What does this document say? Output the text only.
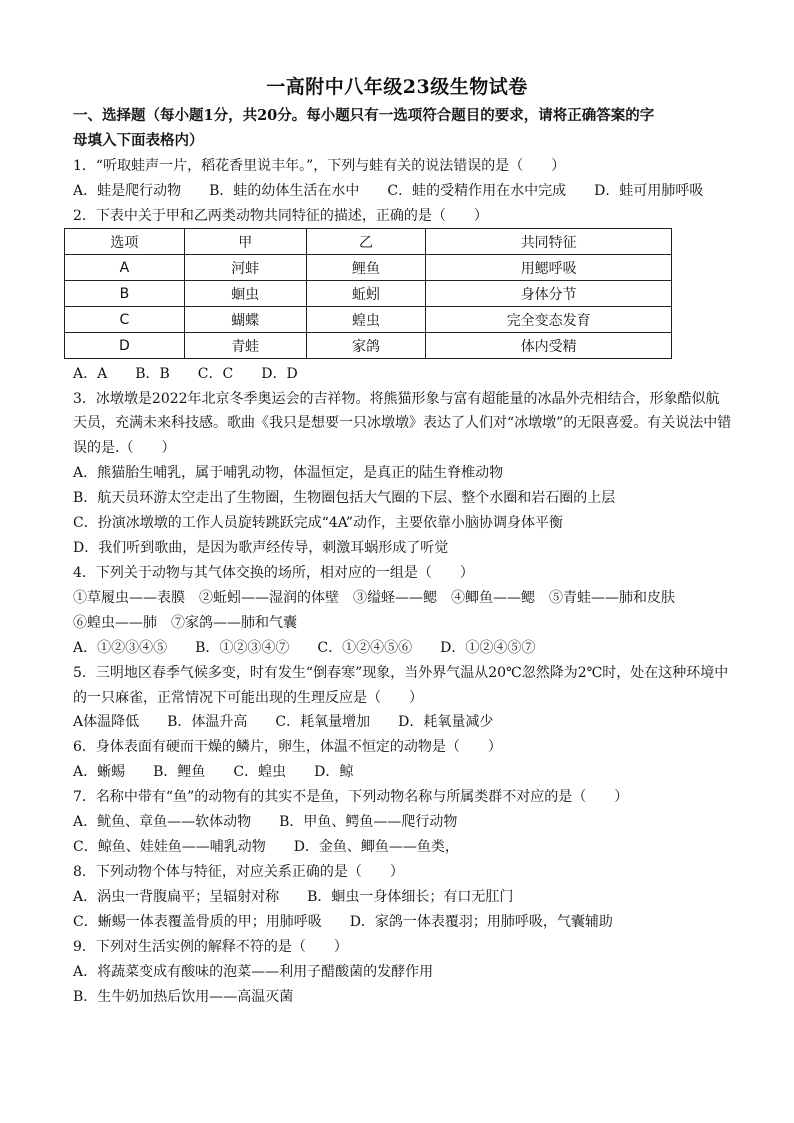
一高附中八年级23级生物试卷
一、选择题（每小题1分，共20分。每小题只有一选项符合题目的要求，请将正确答案的字
母填入下面表格内）
1．“听取蛙声一片，稻花香里说丰年。”，下列与蛙有关的说法错误的是（　　）
A．蛙是爬行动物　　B．蛙的幼体生活在水中　　C．蛙的受精作用在水中完成　　D．蛙可用肺呼吸
2．下表中关于甲和乙两类动物共同特征的描述，正确的是（　　）
选项	甲	乙	共同特征
A	河蚌	鲤鱼	用鳃呼吸
B	蛔虫	蚯蚓	身体分节
C	蝴蝶	蝗虫	完全变态发育
D	青蛙	家鸽	体内受精
A．A　　B．B　　C．C　　D．D
3．冰墩墩是2022年北京冬季奥运会的吉祥物。将熊猫形象与富有超能量的冰晶外壳相结合，形象酷似航
天员，充满未来科技感。歌曲《我只是想要一只冰墩墩》表达了人们对“冰墩墩”的无限喜爱。有关说法中错
误的是.（　　）
A．熊猫胎生哺乳，属于哺乳动物，体温恒定，是真正的陆生脊椎动物
B．航天员环游太空走出了生物圈，生物圈包括大气圈的下层、整个水圈和岩石圈的上层
C．扮演冰墩墩的工作人员旋转跳跃完成“4A”动作，主要依靠小脑协调身体平衡
D．我们听到歌曲，是因为歌声经传导，刺激耳蜗形成了听觉
4．下列关于动物与其气体交换的场所，相对应的一组是（　　）
①草履虫——表膜　②蚯蚓——湿润的体壁　③缢蛏——鳃　④鲫鱼——鳃　⑤青蛙——肺和皮肤
⑥蝗虫——肺　⑦家鸽——肺和气囊
A．①②③④⑤　　B．①②③④⑦　　C．①②④⑤⑥　　D．①②④⑤⑦
5．三明地区春季气候多变，时有发生“倒春寒”现象，当外界气温从20℃忽然降为2℃时，处在这种环境中
的一只麻雀，正常情况下可能出现的生理反应是（　　）
A体温降低　　B．体温升高　　C．耗氧量增加　　D．耗氧量减少
6．身体表面有硬而干燥的鳞片，卵生，体温不恒定的动物是（　　）
A．蜥蜴　　B．鲤鱼　　C．蝗虫　　D．鲸
7．名称中带有“鱼”的动物有的其实不是鱼，下列动物名称与所属类群不对应的是（　　）
A．鱿鱼、章鱼——软体动物　　B．甲鱼、鳄鱼——爬行动物
C．鲸鱼、娃娃鱼——哺乳动物　　D．金鱼、鲫鱼——鱼类，
8．下列动物个体与特征，对应关系正确的是（　　）
A．涡虫一背腹扁平；呈辐射对称　　B．蛔虫一身体细长；有口无肛门
C．蜥蜴一体表覆盖骨质的甲；用肺呼吸　　D．家鸽一体表覆羽；用肺呼吸，气囊辅助
9．下列对生活实例的解释不符的是（　　）
A．将蔬菜变成有酸味的泡菜——利用子醋酸菌的发酵作用
B．生牛奶加热后饮用——高温灭菌
